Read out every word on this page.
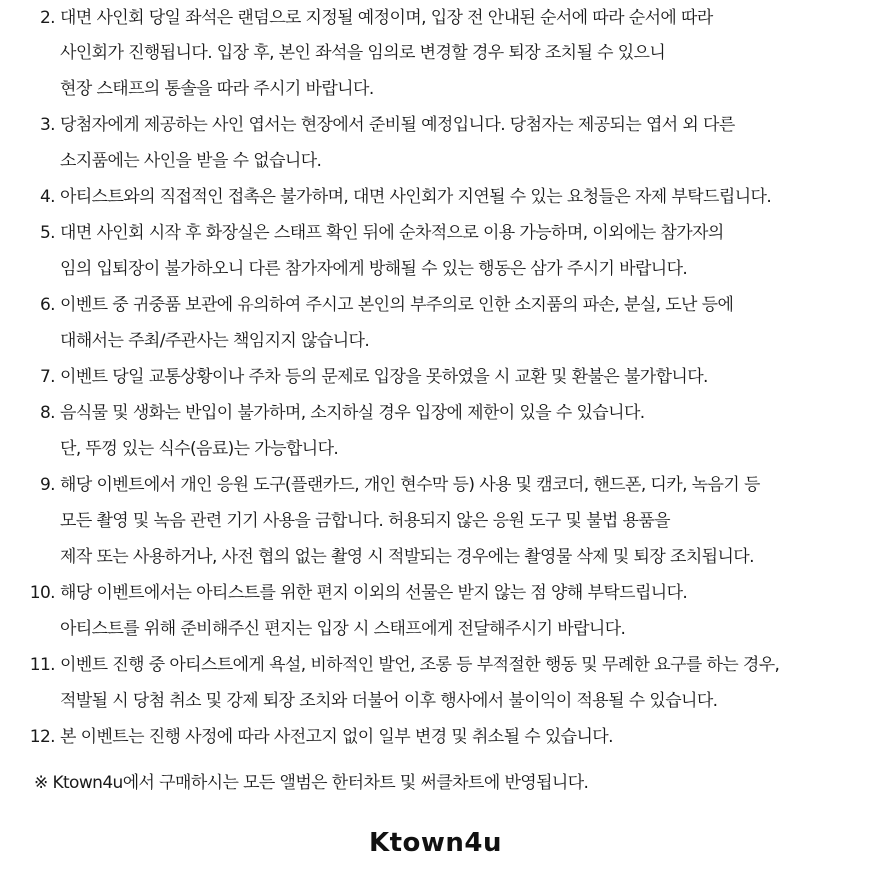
2. 대면 사인회 당일 좌석은 랜덤으로 지정될 예정이며, 입장 전 안내된 순서에 따라 순서에 따라
사인회가 진행됩니다. 입장 후, 본인 좌석을 임의로 변경할 경우 퇴장 조치될 수 있으니
현장 스태프의 통솔을 따라 주시기 바랍니다.
3. 당첨자에게 제공하는 사인 엽서는 현장에서 준비될 예정입니다. 당첨자는 제공되는 엽서 외 다른
소지품에는 사인을 받을 수 없습니다.
4. 아티스트와의 직접적인 접촉은 불가하며, 대면 사인회가 지연될 수 있는 요청들은 자제 부탁드립니다.
5. 대면 사인회 시작 후 화장실은 스태프 확인 뒤에 순차적으로 이용 가능하며, 이외에는 참가자의
임의 입퇴장이 불가하오니 다른 참가자에게 방해될 수 있는 행동은 삼가 주시기 바랍니다.
6. 이벤트 중 귀중품 보관에 유의하여 주시고 본인의 부주의로 인한 소지품의 파손, 분실, 도난 등에
대해서는 주최/주관사는 책임지지 않습니다.
7. 이벤트 당일 교통상황이나 주차 등의 문제로 입장을 못하였을 시 교환 및 환불은 불가합니다.
8. 음식물 및 생화는 반입이 불가하며, 소지하실 경우 입장에 제한이 있을 수 있습니다.
단, 뚜껑 있는 식수(음료)는 가능합니다.
9. 해당 이벤트에서 개인 응원 도구(플랜카드, 개인 현수막 등) 사용 및 캠코더, 핸드폰, 디카, 녹음기 등
모든 촬영 및 녹음 관련 기기 사용을 금합니다. 허용되지 않은 응원 도구 및 불법 용품을
제작 또는 사용하거나, 사전 협의 없는 촬영 시 적발되는 경우에는 촬영물 삭제 및 퇴장 조치됩니다.
10. 해당 이벤트에서는 아티스트를 위한 편지 이외의 선물은 받지 않는 점 양해 부탁드립니다.
아티스트를 위해 준비해주신 편지는 입장 시 스태프에게 전달해주시기 바랍니다.
11. 이벤트 진행 중 아티스트에게 욕설, 비하적인 발언, 조롱 등 부적절한 행동 및 무례한 요구를 하는 경우,
적발될 시 당첨 취소 및 강제 퇴장 조치와 더불어 이후 행사에서 불이익이 적용될 수 있습니다.
12. 본 이벤트는 진행 사정에 따라 사전고지 없이 일부 변경 및 취소될 수 있습니다.
※ Ktown4u에서 구매하시는 모든 앨범은 한터차트 및 써클차트에 반영됩니다.
Ktown4u
